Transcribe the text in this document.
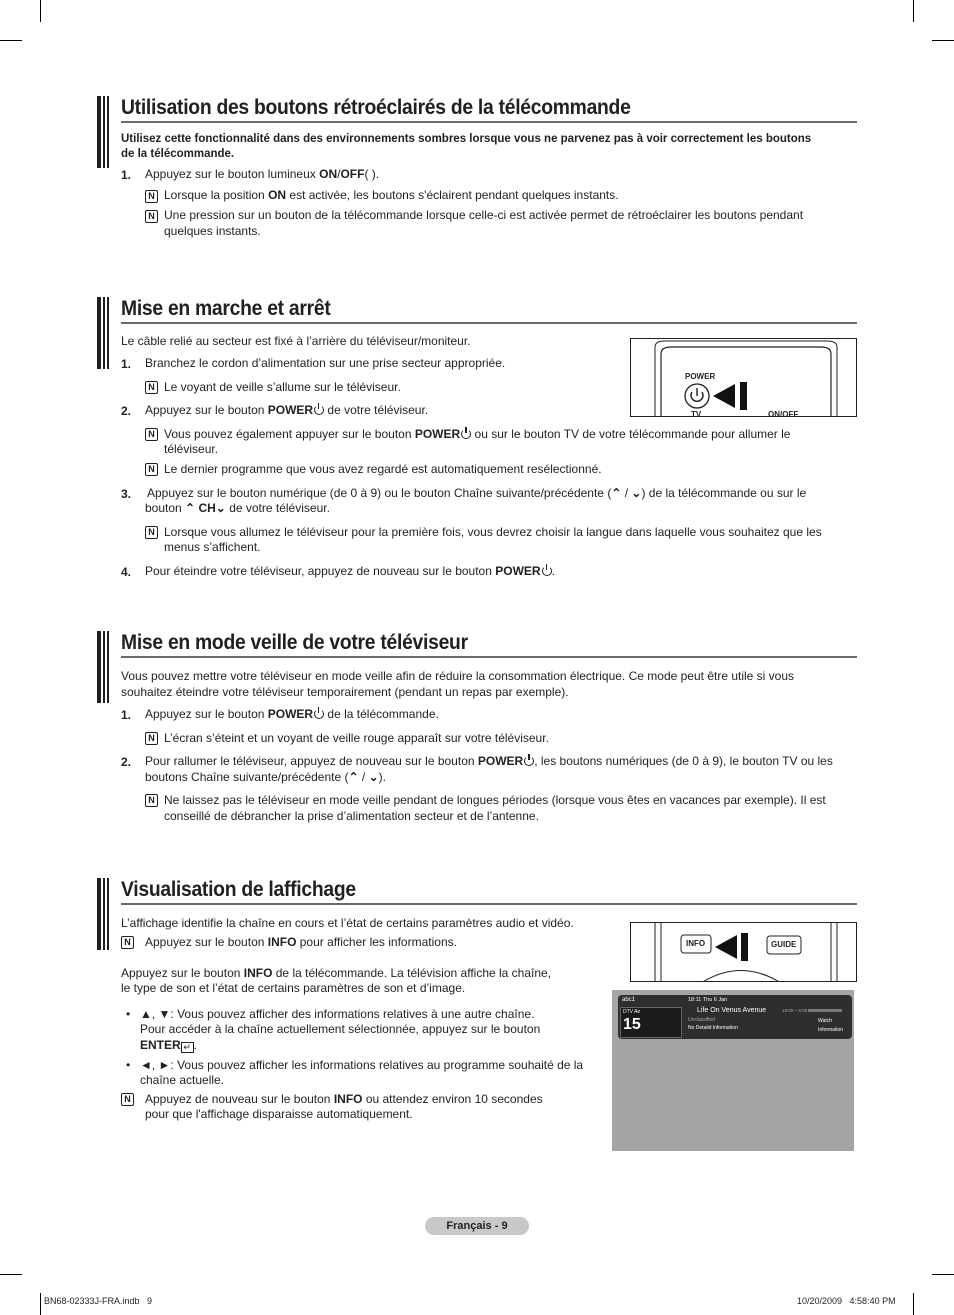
Utilisation des boutons rétroéclairés de la télécommande
Utilisez cette fonctionnalité dans des environnements sombres lorsque vous ne parvenez pas à voir correctement les boutons
de la télécommande.
1. Appuyez sur le bouton lumineux ON/OFF( ).
N
Lorsque la position ON est activée, les boutons s'éclairent pendant quelques instants.
N
Une pression sur un bouton de la télécommande lorsque celle-ci est activée permet de rétroéclairer les boutons pendant
quelques instants.
Mise en marche et arrêt
Le câble relié au secteur est fixé à l’arrière du téléviseur/moniteur.
POWER
TV	ON/OFF
1. Branchez le cordon d’alimentation sur une prise secteur appropriée.
N
Le voyant de veille s’allume sur le téléviseur.
2. Appuyez sur le bouton POWER de votre téléviseur.
N
Vous pouvez également appuyer sur le bouton POWER ou sur le bouton TV de votre télécommande pour allumer le
téléviseur.
N
Le dernier programme que vous avez regardé est automatiquement resélectionné.
3. Appuyez sur le bouton numérique (de 0 à 9) ou le bouton Chaîne suivante/précédente (⌃ / ⌄) de la télécommande ou sur le
bouton ⌃ CH⌄ de votre téléviseur.
N
Lorsque vous allumez le téléviseur pour la première fois, vous devrez choisir la langue dans laquelle vous souhaitez que les
menus s’affichent.
4. Pour éteindre votre téléviseur, appuyez de nouveau sur le bouton POWER .
Mise en mode veille de votre téléviseur
Vous pouvez mettre votre téléviseur en mode veille afin de réduire la consommation électrique. Ce mode peut être utile si vous
souhaitez éteindre votre téléviseur temporairement (pendant un repas par exemple).
1. Appuyez sur le bouton POWER de la télécommande.
N
L’écran s’éteint et un voyant de veille rouge apparaît sur votre téléviseur.
2. Pour rallumer le téléviseur, appuyez de nouveau sur le bouton POWER , les boutons numériques (de 0 à 9), le bouton TV ou les
boutons Chaîne suivante/précédente (⌃ / ⌄).
N
Ne laissez pas le téléviseur en mode veille pendant de longues périodes (lorsque vous êtes en vacances par exemple). Il est
conseillé de débrancher la prise d’alimentation secteur et de l’antenne.
Visualisation de laffichage
L’affichage identifie la chaîne en cours et l’état de certains paramètres audio et vidéo.
N
Appuyez sur le bouton INFO pour afficher les informations.
Appuyez sur le bouton INFO de la télécommande. La télévision affiche la chaîne,
le type de son et l’état de certains paramètres de son et d’image.
• ▲, ▼: Vous pouvez afficher des informations relatives à une autre chaîne.
Pour accéder à la chaîne actuellement sélectionnée, appuyez sur le bouton
ENTER ↵ .
• ◄, ►: Vous pouvez afficher les informations relatives au programme souhaité de la
chaîne actuelle.
N
Appuyez de nouveau sur le bouton INFO ou attendez environ 10 secondes
pour que l'affichage disparaisse automatiquement.
INFO	GUIDE
abc1
DTV Air
15
18:11 Thu 6 Jan
Life On Venus Avenue
Unclassified
No Detaild Information
18:00 ~ 6:00
Watch
Information
Français - 9
BN68-02333J-FRA.indb   9	10/20/2009   4:58:40 PM
